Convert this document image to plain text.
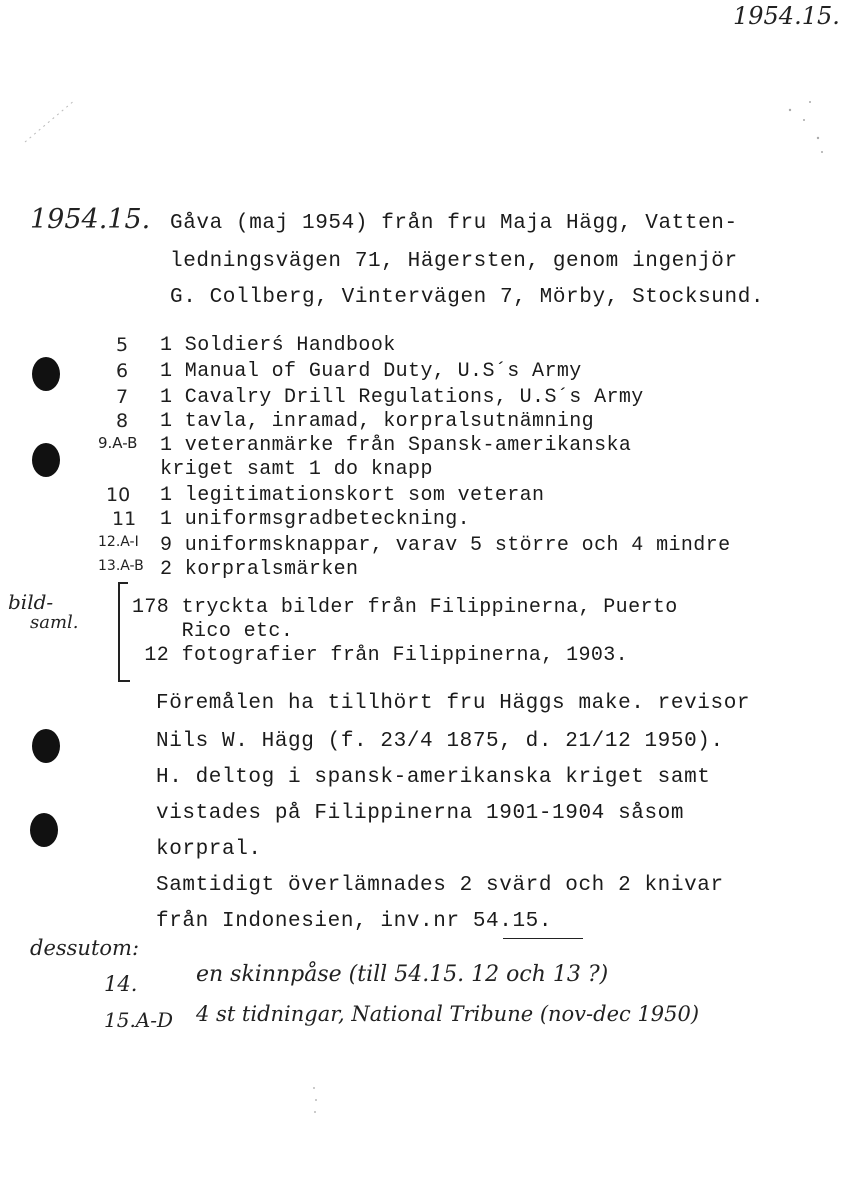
1954.15.
1954.15. Gåva (maj 1954) från fru Maja Hägg, Vatten-
ledningsvägen 71, Hägersten, genom ingenjör
G. Collberg, Vintervägen 7, Mörby, Stocksund.
5 1 Soldierś Handbook
6 1 Manual of Guard Duty, U.S´s Army
7 1 Cavalry Drill Regulations, U.S´s Army
8 1 tavla, inramad, korpralsutnämning
9.A-B 1 veteranmärke från Spansk-amerikanska
kriget samt 1 do knapp
10 1 legitimationskort som veteran
11 1 uniformsgradbeteckning.
12.A-I 9 uniformsknappar, varav 5 större och 4 mindre
13.A-B 2 korpralsmärken
bild-
saml.
178 tryckta bilder från Filippinerna, Puerto
Rico etc.
12 fotografier från Filippinerna, 1903.
Föremålen ha tillhört fru Häggs make. revisor
Nils W. Hägg (f. 23/4 1875, d. 21/12 1950).
H. deltog i spansk-amerikanska kriget samt
vistades på Filippinerna 1901-1904 såsom
korpral.
Samtidigt överlämnades 2 svärd och 2 knivar
från Indonesien, inv.nr 54.15.
dessutom:
14.	en skinnpåse (till 54.15. 12 och 13 ?)
15.A-D 4 st tidningar, National Tribune (nov-dec 1950)
